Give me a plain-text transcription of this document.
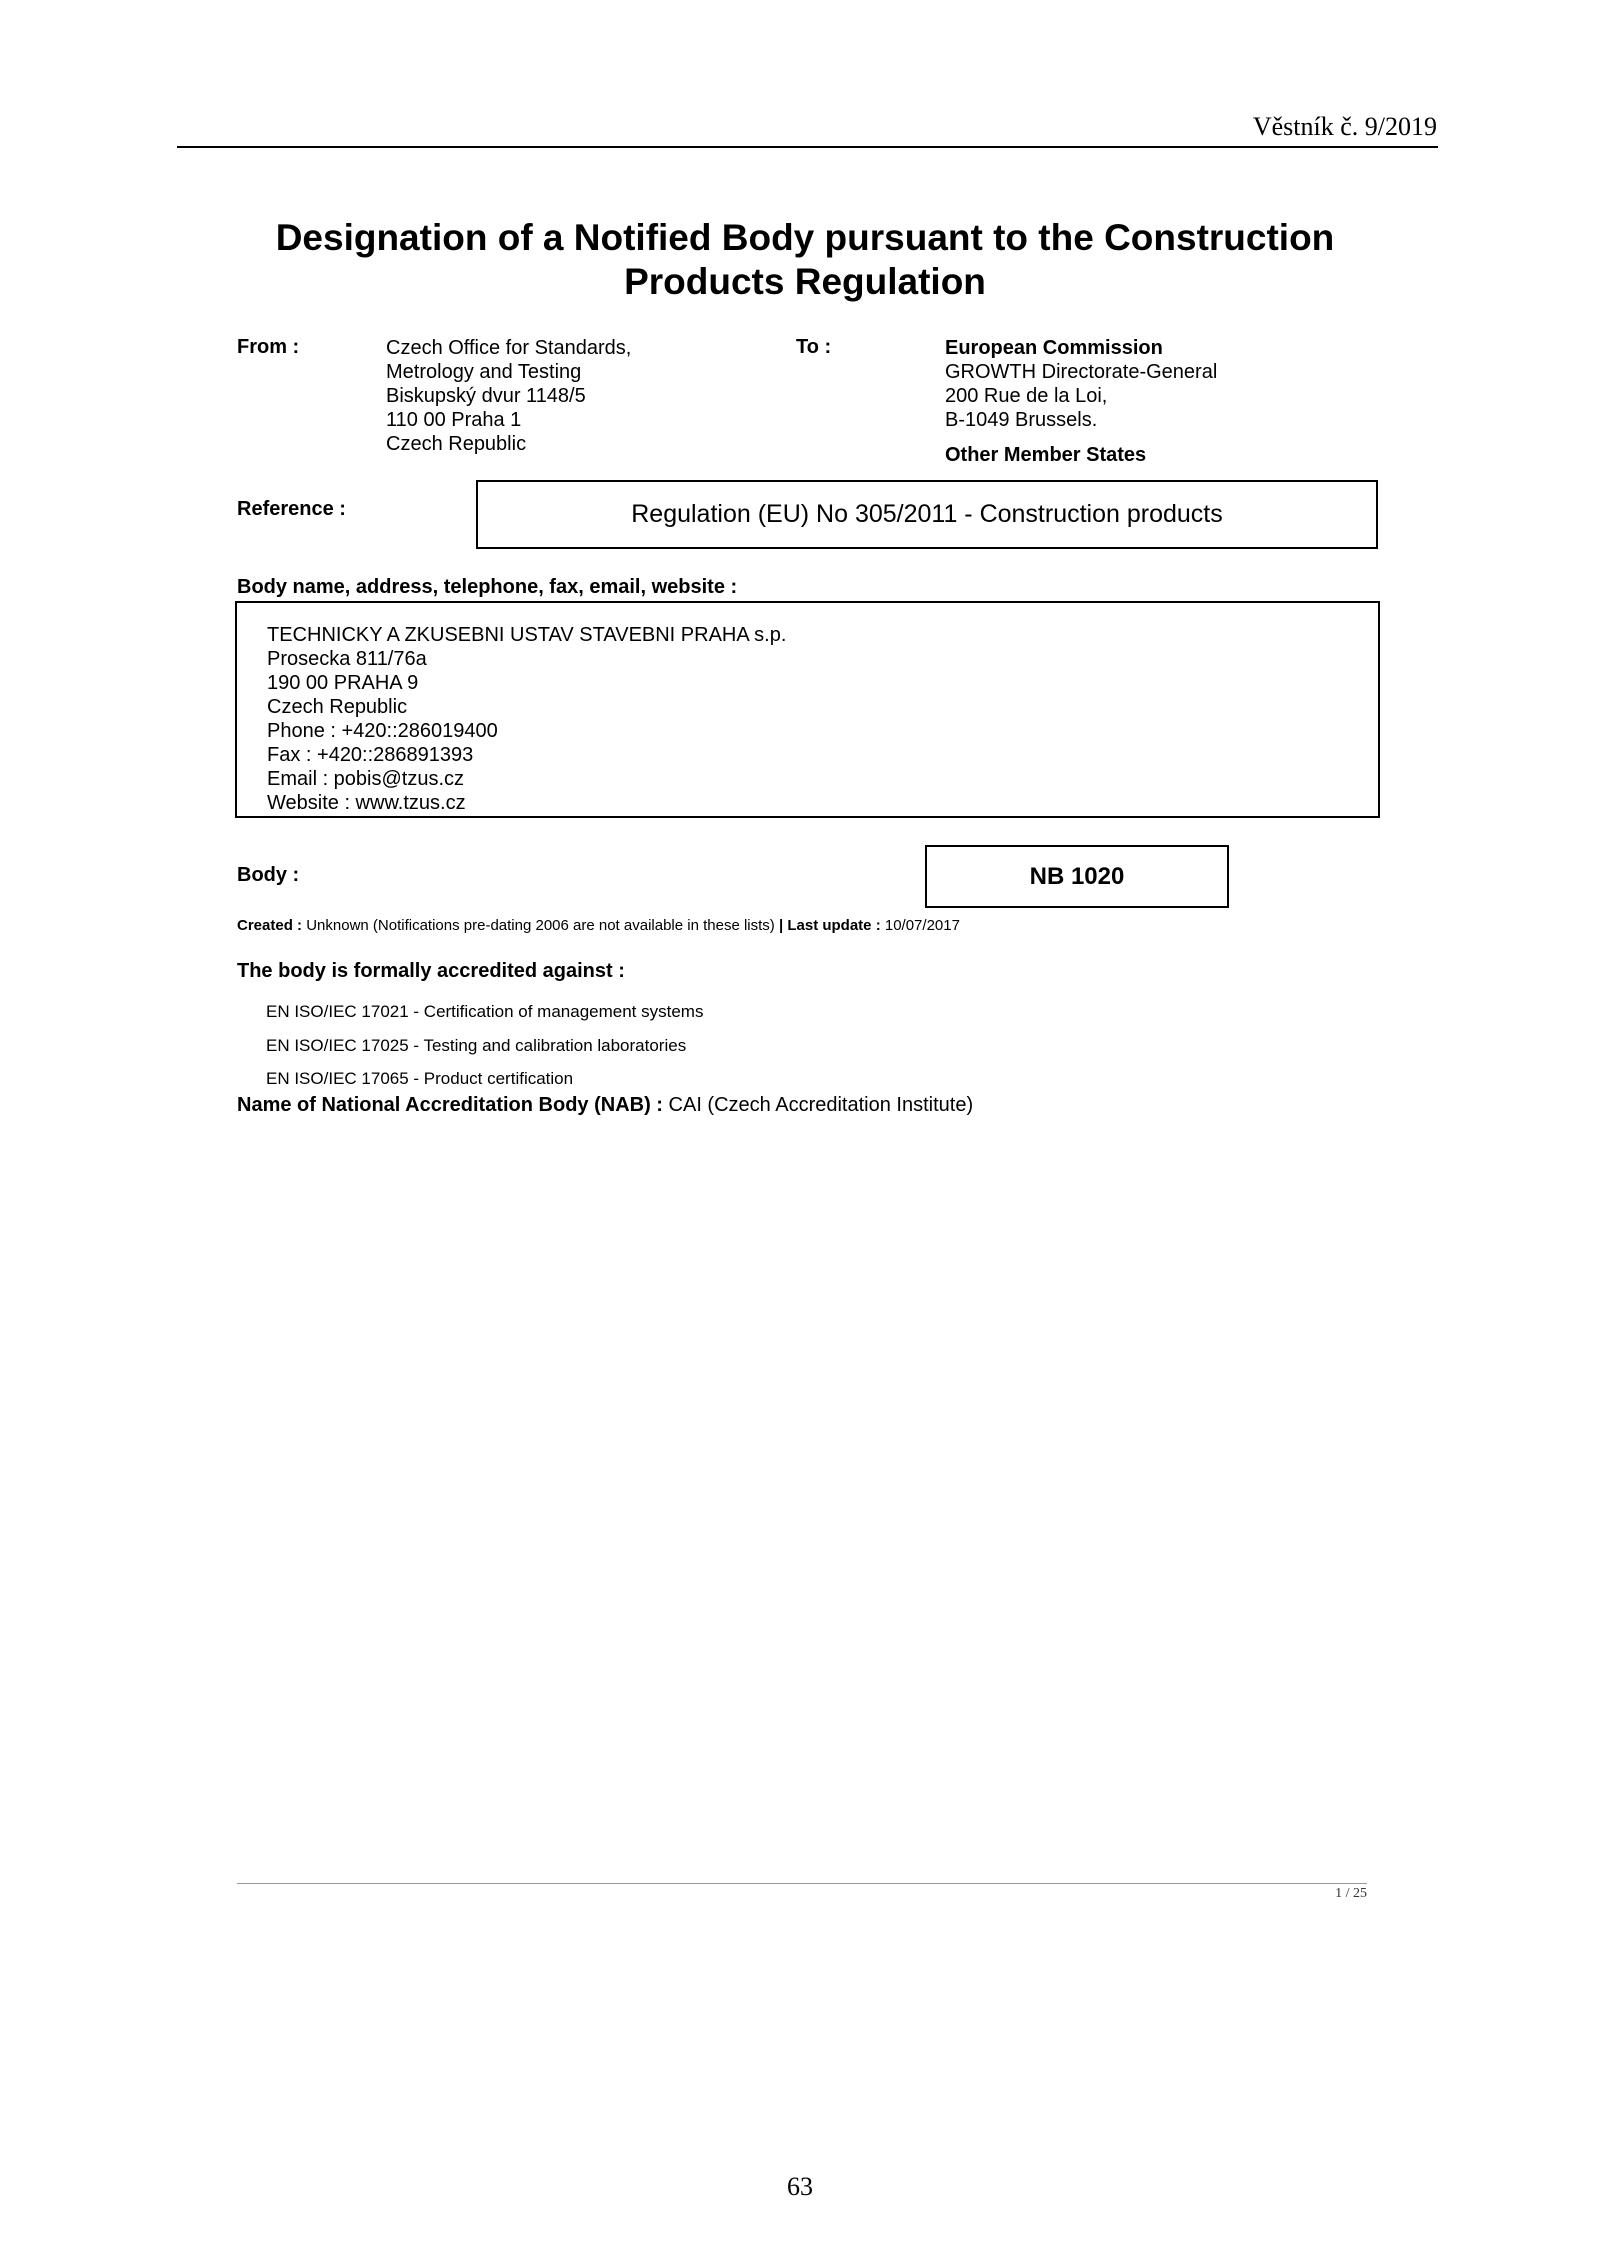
Věstník č. 9/2019
Designation of a Notified Body pursuant to the Construction
Products Regulation
From :	Czech Office for Standards,
Metrology and Testing
Biskupský dvur 1148/5
110 00 Praha 1
Czech Republic
To :	European Commission
GROWTH Directorate-General
200 Rue de la Loi,
B-1049 Brussels.
Other Member States
Reference :	Regulation (EU) No 305/2011 - Construction products
Body name, address, telephone, fax, email, website :
TECHNICKY A ZKUSEBNI USTAV STAVEBNI PRAHA s.p.
Prosecka 811/76a
190 00 PRAHA 9
Czech Republic
Phone : +420::286019400
Fax : +420::286891393
Email : pobis@tzus.cz
Website : www.tzus.cz
Body :	NB 1020
Created : Unknown (Notifications pre-dating 2006 are not available in these lists) | Last update : 10/07/2017
The body is formally accredited against :
EN ISO/IEC 17021 - Certification of management systems
EN ISO/IEC 17025 - Testing and calibration laboratories
EN ISO/IEC 17065 - Product certification
Name of National Accreditation Body (NAB) : CAI (Czech Accreditation Institute)
1 / 25
63
